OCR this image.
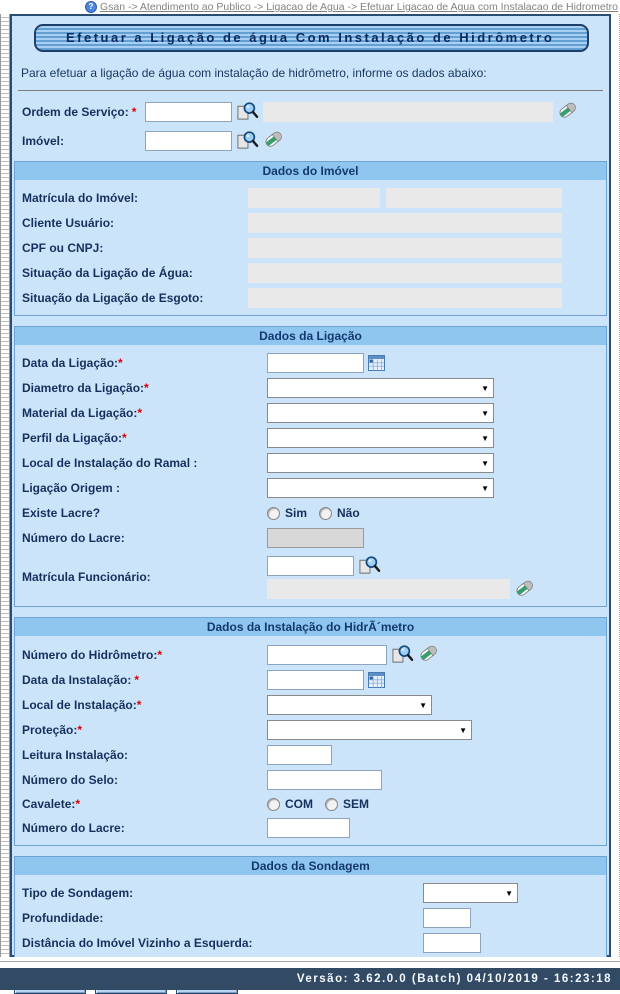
? Gsan -> Atendimento ao Publico -> Ligacao de Agua -> Efetuar Ligacao de Agua com Instalacao de Hidrometro
Efetuar a Ligação de água Com Instalação de Hidrômetro
Para efetuar a ligação de água com instalação de hidrômetro, informe os dados abaixo:
Ordem de Serviço: *
Imóvel:
Dados do Imóvel
Matrícula do Imóvel:
Cliente Usuário:
CPF ou CNPJ:
Situação da Ligação de Água:
Situação da Ligação de Esgoto:
Dados da Ligação
Data da Ligação:*
Diametro da Ligação:*	▼
Material da Ligação:*	▼
Perfil da Ligação:*	▼
Local de Instalação do Ramal :	▼
Ligação Origem :	▼
Existe Lacre?	Sim	Não
Número do Lacre:
Matrícula Funcionário:
Dados da Instalação do HidrÃ´metro
Número do Hidrômetro:*
Data da Instalação: *
Local de Instalação:*	▼
Proteção:*	▼
Leitura Instalação:
Número do Selo:
Cavalete:*	COM	SEM
Número do Lacre:
Dados da Sondagem
Tipo de Sondagem:	▼
Profundidade:
Distância do Imóvel Vizinho a Esquerda:
Versão: 3.62.0.0 (Batch) 04/10/2019 - 16:23:18
